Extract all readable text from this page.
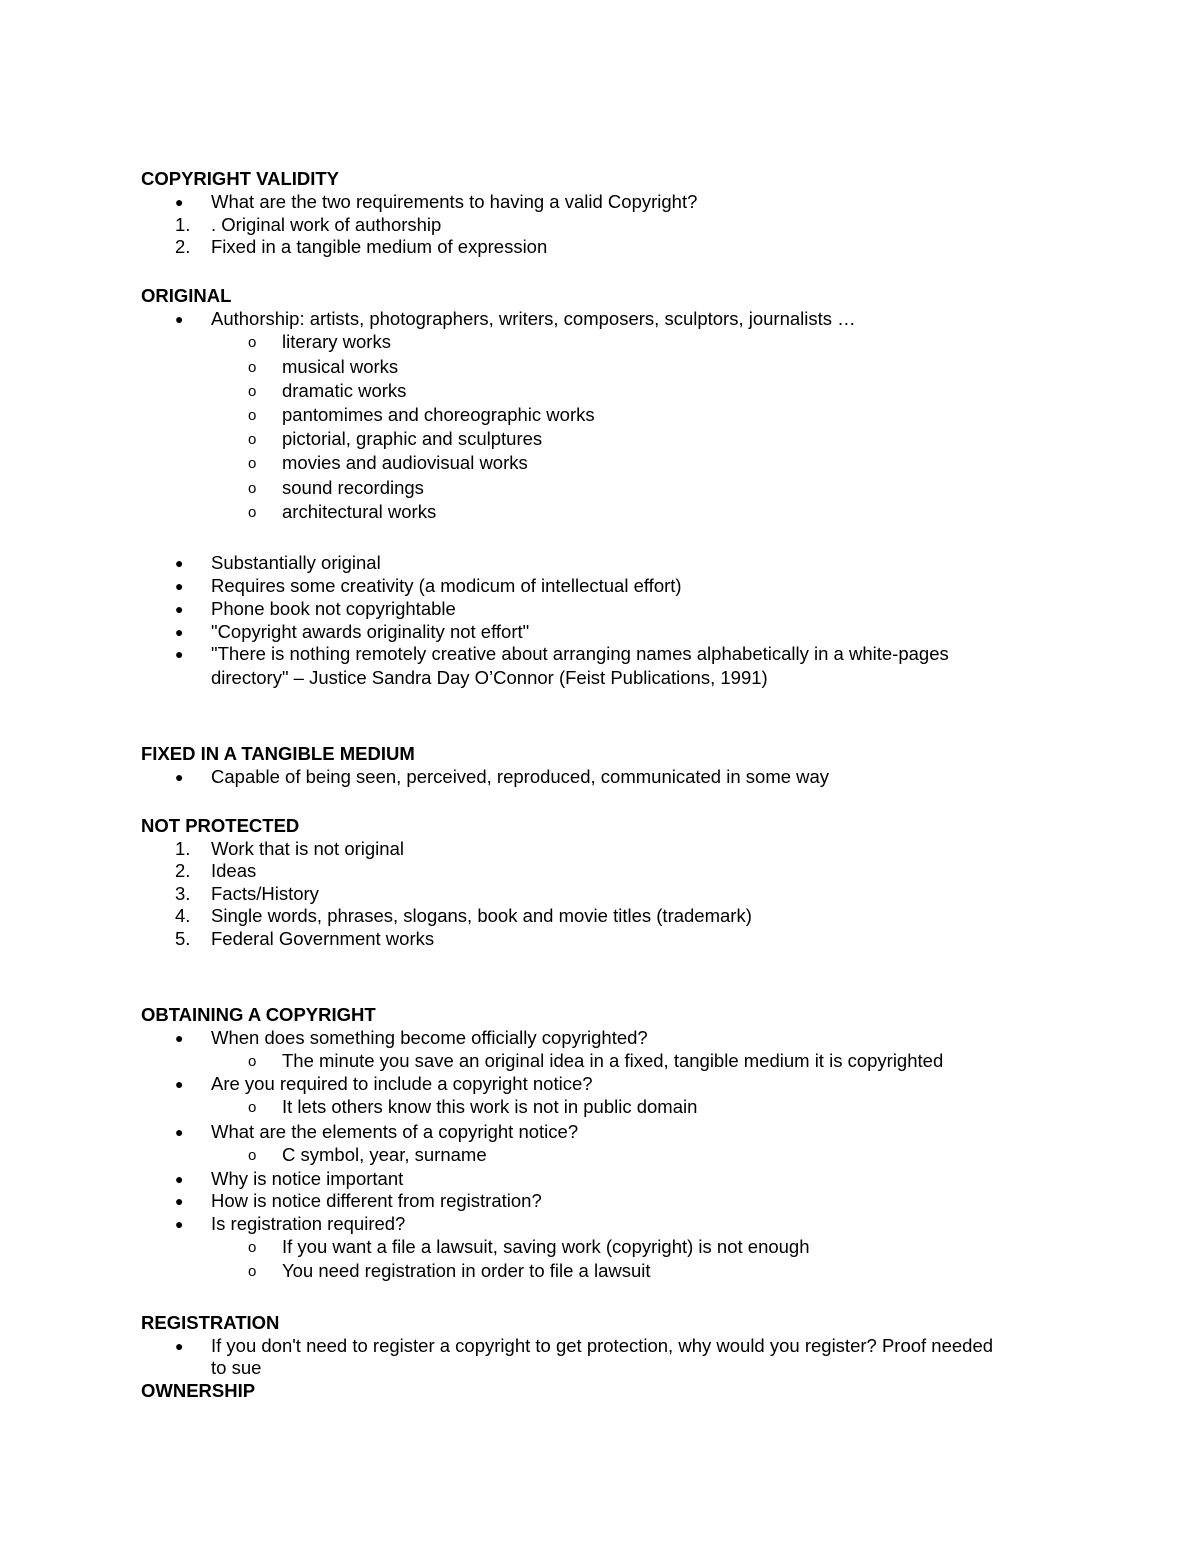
COPYRIGHT VALIDITY
● What are the two requirements to having a valid Copyright?
1. . Original work of authorship
2. Fixed in a tangible medium of expression
ORIGINAL
● Authorship: artists, photographers, writers, composers, sculptors, journalists …
o literary works
o musical works
o dramatic works
o pantomimes and choreographic works
o pictorial, graphic and sculptures
o movies and audiovisual works
o sound recordings
o architectural works
● Substantially original
● Requires some creativity (a modicum of intellectual effort)
● Phone book not copyrightable
● "Copyright awards originality not effort"
● "There is nothing remotely creative about arranging names alphabetically in a white-pages
directory" – Justice Sandra Day O’Connor (Feist Publications, 1991)
FIXED IN A TANGIBLE MEDIUM
● Capable of being seen, perceived, reproduced, communicated in some way
NOT PROTECTED
1. Work that is not original
2. Ideas
3. Facts/History
4. Single words, phrases, slogans, book and movie titles (trademark)
5. Federal Government works
OBTAINING A COPYRIGHT
● When does something become officially copyrighted?
o The minute you save an original idea in a fixed, tangible medium it is copyrighted
● Are you required to include a copyright notice?
o It lets others know this work is not in public domain
● What are the elements of a copyright notice?
o C symbol, year, surname
● Why is notice important
● How is notice different from registration?
● Is registration required?
o If you want a file a lawsuit, saving work (copyright) is not enough
o You need registration in order to file a lawsuit
REGISTRATION
● If you don't need to register a copyright to get protection, why would you register? Proof needed
to sue
OWNERSHIP
